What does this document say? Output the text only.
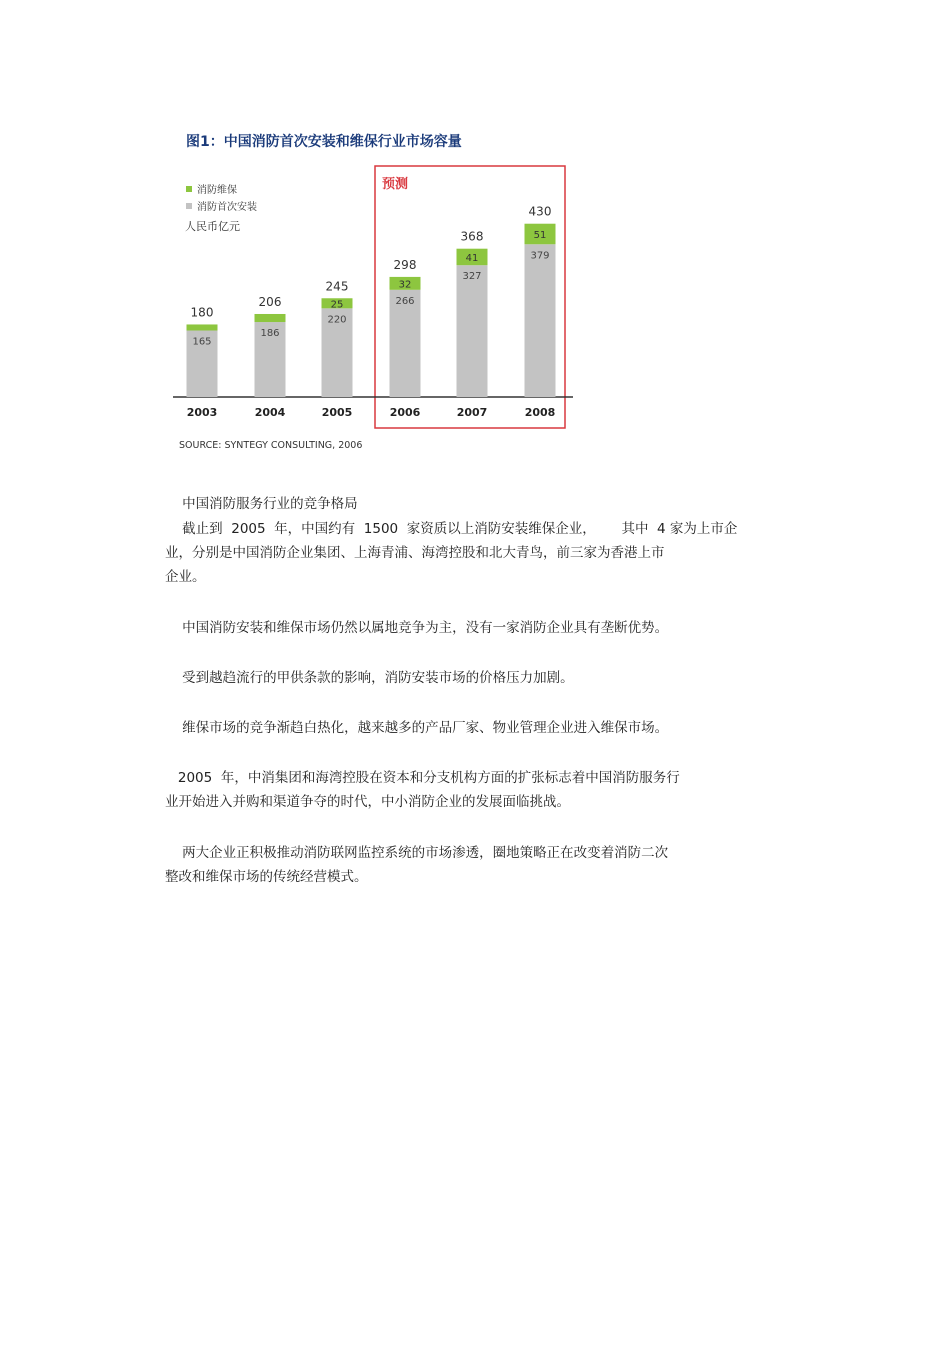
图1：中国消防首次安装和维保行业市场容量
消防维保
消防首次安装
人民币亿元
预测
165
180
2003
186
206
2004
220
25
245
2005
266
32
298
2006
327
41
368
2007
379
51
430
2008
SOURCE: SYNTEGY CONSULTING, 2006

中国消防服务行业的竞争格局

截止到  2005  年，中国约有  1500  家资质以上消防安装维保企业，      其中  4 家为上市企
业，分别是中国消防企业集团、上海青浦、海湾控股和北大青鸟，前三家为香港上市
企业。

中国消防安装和维保市场仍然以属地竞争为主，没有一家消防企业具有垄断优势。

受到越趋流行的甲供条款的影响，消防安装市场的价格压力加剧。

维保市场的竞争渐趋白热化，越来越多的产品厂家、物业管理企业进入维保市场。

2005  年，中消集团和海湾控股在资本和分支机构方面的扩张标志着中国消防服务行
业开始进入并购和渠道争夺的时代，中小消防企业的发展面临挑战。

两大企业正积极推动消防联网监控系统的市场渗透，圈地策略正在改变着消防二次
整改和维保市场的传统经营模式。
